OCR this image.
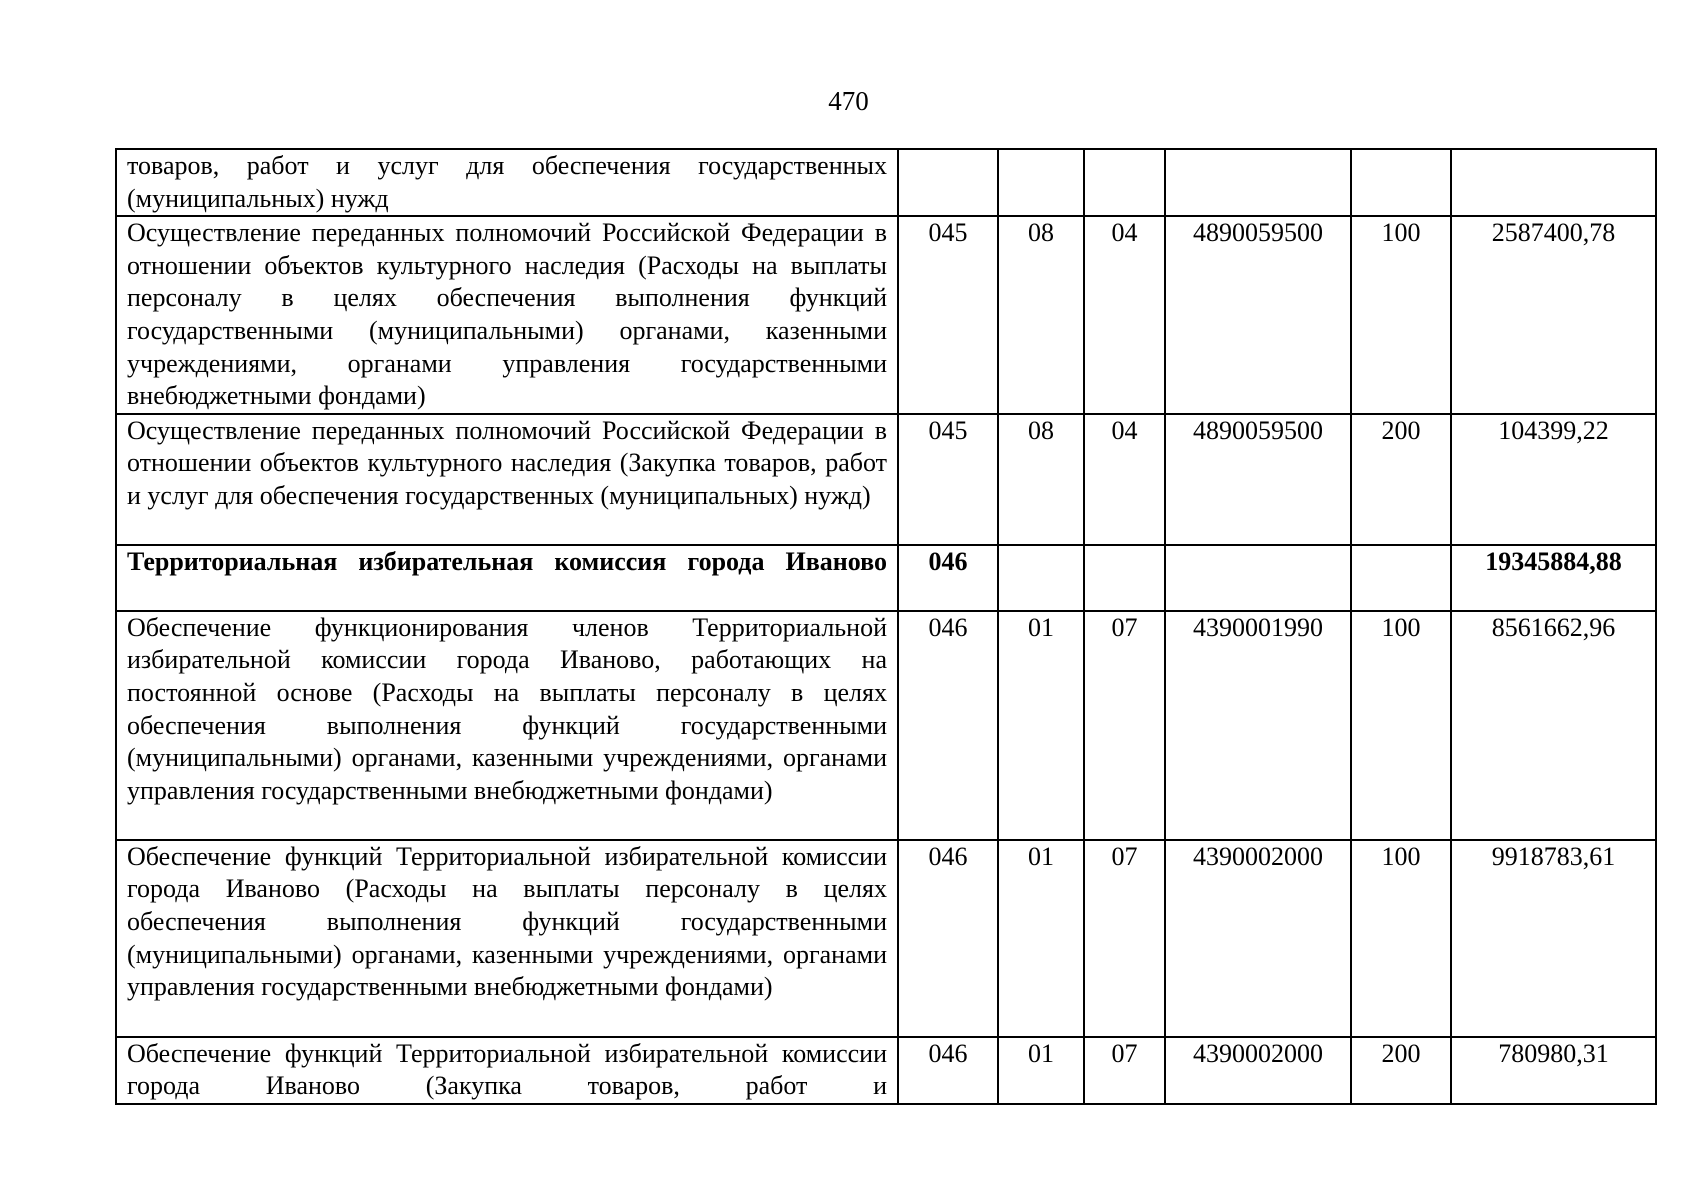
470
товаров, работ и услуг для обеспечения государственных (муниципальных) нужд						
Осуществление переданных полномочий Российской Федерации в отношении объектов культурного наследия (Расходы на выплаты персоналу в целях обеспечения выполнения функций государственными (муниципальными) органами, казенными учреждениями, органами управления государственными внебюджетными фондами)	045	08	04	4890059500	100	2587400,78
Осуществление переданных полномочий Российской Федерации в отношении объектов культурного наследия (Закупка товаров, работ и услуг для обеспечения государственных (муниципальных) нужд)	045	08	04	4890059500	200	104399,22
Территориальная избирательная комиссия города Иваново	046					19345884,88
Обеспечение функционирования членов Территориальной избирательной комиссии города Иваново, работающих на постоянной основе (Расходы на выплаты персоналу в целях обеспечения выполнения функций государственными (муниципальными) органами, казенными учреждениями, органами управления государственными внебюджетными фондами)	046	01	07	4390001990	100	8561662,96
Обеспечение функций Территориальной избирательной комиссии города Иваново (Расходы на выплаты персоналу в целях обеспечения выполнения функций государственными (муниципальными) органами, казенными учреждениями, органами управления государственными внебюджетными фондами)	046	01	07	4390002000	100	9918783,61
Обеспечение функций Территориальной избирательной комиссии города Иваново (Закупка товаров, работ и	046	01	07	4390002000	200	780980,31
